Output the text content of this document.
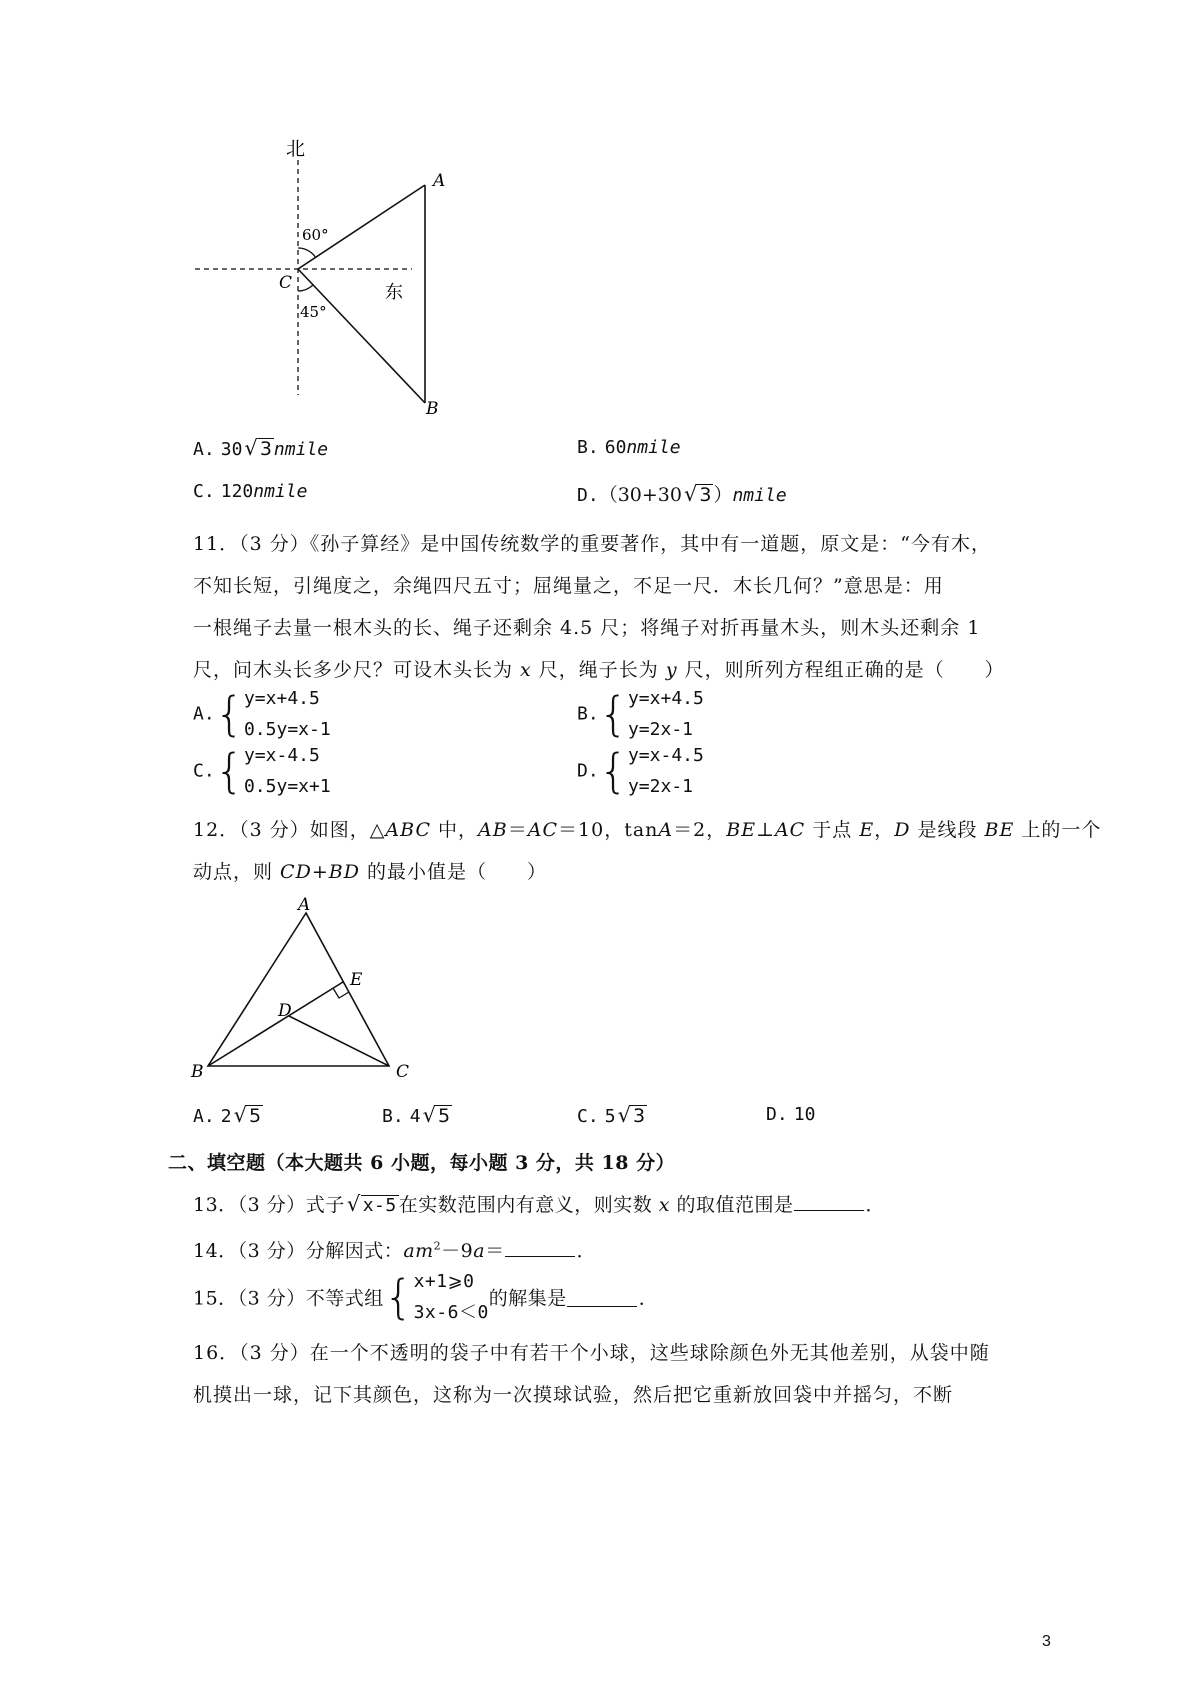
北
东
60°
45°
A
B
C
A. 30√ 3 nmile	B. 60nmile
C. 120nmile	D.（30+30√ 3 ）nmile
11．（3 分）《孙子算经》是中国传统数学的重要著作，其中有一道题，原文是：“今有木，
不知长短，引绳度之，余绳四尺五寸；屈绳量之，不足一尺．木长几何？”意思是：用
一根绳子去量一根木头的长、绳子还剩余 4.5 尺；将绳子对折再量木头，则木头还剩余 1
尺，问木头长多少尺？可设木头长为 x 尺，绳子长为 y 尺，则所列方程组正确的是（　　）
A.{y=x+4.5
0.5y=x-1
B.{y=x+4.5
y=2x-1
C.{y=x-4.5
0.5y=x+1
D.{y=x-4.5
y=2x-1
12．（3 分）如图，△ABC 中，AB＝AC＝10，tanA＝2，BE⊥AC 于点 E，D 是线段 BE 上的一个
动点，则 CD+BD 的最小值是（　　）
A
B	C
D
E
A. 2√ 5	B. 4√ 5	C. 5√ 3	D. 10
二、填空题（本大题共 6 小题，每小题 3 分，共 18 分）
13．（3 分）式子√ x-5 在实数范围内有意义，则实数 x 的取值范围是	．
14．（3 分）分解因式：$am^2-9a=$	．
15．（3 分）不等式组{x+1⩾0
3x-6＜0的解集是	．
16．（3 分）在一个不透明的袋子中有若干个小球，这些球除颜色外无其他差别，从袋中随
机摸出一球，记下其颜色，这称为一次摸球试验，然后把它重新放回袋中并摇匀，不断
3
